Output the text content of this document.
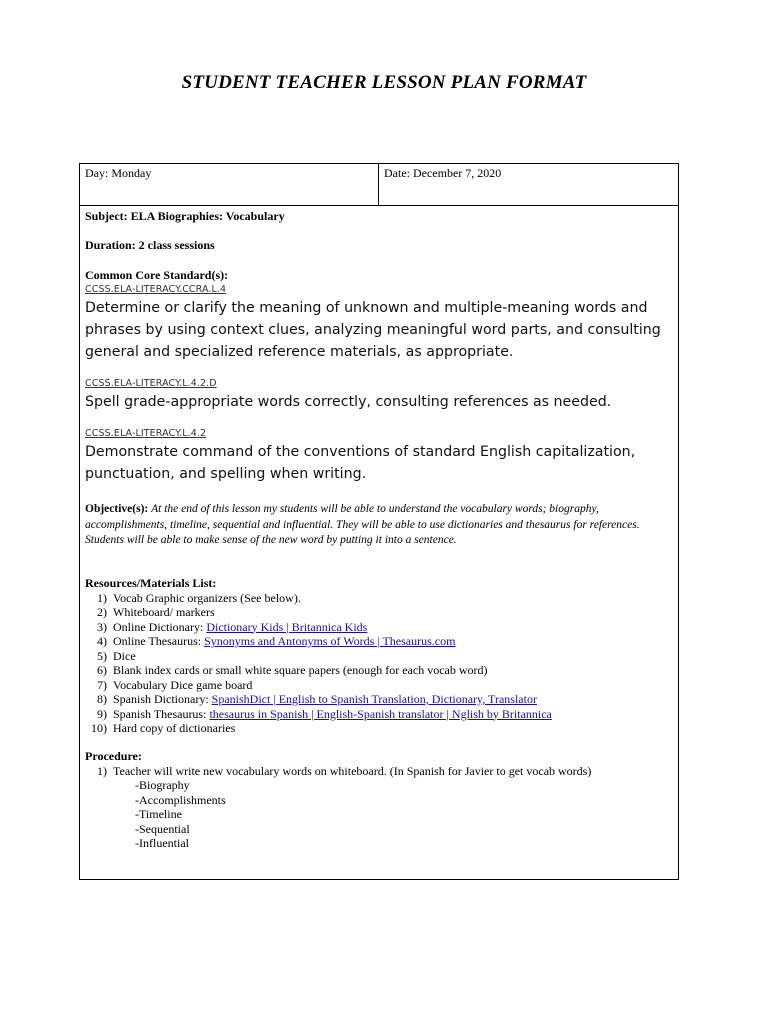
STUDENT TEACHER LESSON PLAN FORMAT
Day: Monday	Date: December 7, 2020
Subject: ELA Biographies: Vocabulary
Duration: 2 class sessions
Common Core Standard(s):
CCSS.ELA-LITERACY.CCRA.L.4
Determine or clarify the meaning of unknown and multiple-meaning words and phrases by using context clues, analyzing meaningful word parts, and consulting general and specialized reference materials, as appropriate.
CCSS.ELA-LITERACY.L.4.2.D
Spell grade-appropriate words correctly, consulting references as needed.
CCSS.ELA-LITERACY.L.4.2
Demonstrate command of the conventions of standard English capitalization, punctuation, and spelling when writing.
Objective(s): At the end of this lesson my students will be able to understand the vocabulary words; biography, accomplishments, timeline, sequential and influential. They will be able to use dictionaries and thesaurus for references. Students will be able to make sense of the new word by putting it into a sentence.
Resources/Materials List:
1) Vocab Graphic organizers (See below).
2) Whiteboard/ markers
3) Online Dictionary:
Dictionary Kids | Britannica Kids
4) Online Thesaurus:
Synonyms and Antonyms of Words | Thesaurus.com
5) Dice
6) Blank index cards or small white square papers (enough for each vocab word)
7) Vocabulary Dice game board
8) Spanish Dictionary:
SpanishDict | English to Spanish Translation, Dictionary, Translator
9) Spanish Thesaurus:
thesaurus in Spanish | English-Spanish translator | Nglish by Britannica
10) Hard copy of dictionaries
Procedure:
1) Teacher will write new vocabulary words on whiteboard. (In Spanish for Javier to get vocab words)
-Biography
-Accomplishments
-Timeline
-Sequential
-Influential
